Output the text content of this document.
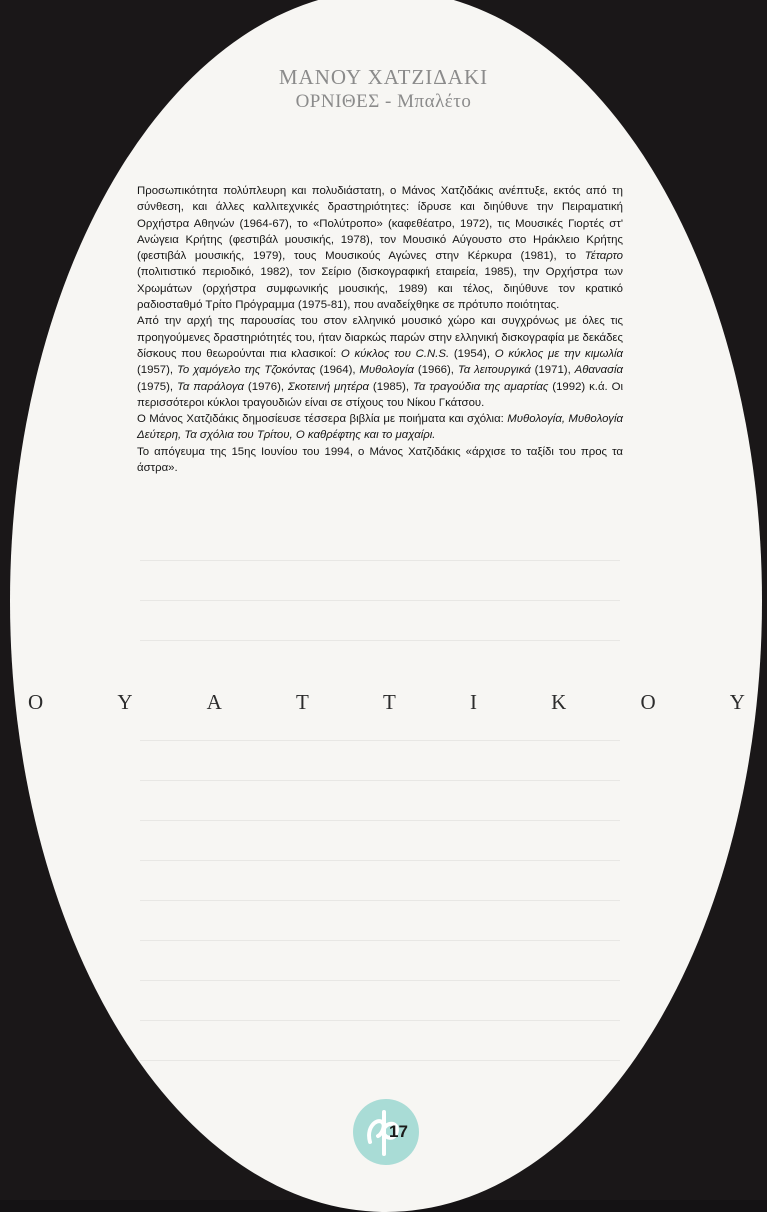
ΜΑΝΟΥ ΧΑΤΖΙΔΑΚΙ
ΟΡΝΙΘΕΣ - Μπαλέτο

Προσωπικότητα πολύπλευρη και πολυδιάστατη, ο Μάνος Χατζιδάκις ανέπτυξε, εκτός από τη σύνθεση, και άλλες καλλιτεχνικές δραστηριότητες: ίδρυσε και διηύθυνε την Πειραματική Ορχήστρα Αθηνών (1964-67), το «Πολύτροπο» (καφεθέατρο, 1972), τις Μουσικές Γιορτές στ' Ανώγεια Κρήτης (φεστιβάλ μουσικής, 1978), τον Μουσικό Αύγουστο στο Ηράκλειο Κρήτης (φεστιβάλ μουσικής, 1979), τους Μουσικούς Αγώνες στην Κέρκυρα (1981), το Τέταρτο (πολιτιστικό περιοδικό, 1982), τον Σείριο (δισκογραφική εταιρεία, 1985), την Ορχήστρα των Χρωμάτων (ορχήστρα συμφωνικής μουσικής, 1989) και τέλος, διηύθυνε τον κρατικό ραδιοσταθμό Τρίτο Πρόγραμμα (1975-81), που αναδείχθηκε σε πρότυπο ποιότητας.

Από την αρχή της παρουσίας του στον ελληνικό μουσικό χώρο και συγχρόνως με όλες τις προηγούμενες δραστηριότητές του, ήταν διαρκώς παρών στην ελληνική δισκογραφία με δεκάδες δίσκους που θεωρούνται πια κλασικοί: Ο κύκλος του C.N.S. (1954), Ο κύκλος με την κιμωλία (1957), Το χαμόγελο της Τζοκόντας (1964), Μυθολογία (1966), Τα λειτουργικά (1971), Αθανασία (1975), Τα παράλογα (1976), Σκοτεινή μητέρα (1985), Τα τραγούδια της αμαρτίας (1992) κ.ά. Οι περισσότεροι κύκλοι τραγουδιών είναι σε στίχους του Νίκου Γκάτσου.

Ο Μάνος Χατζιδάκις δημοσίευσε τέσσερα βιβλία με ποιήματα και σχόλια: Μυθολογία, Μυθολογία Δεύτερη, Τα σχόλια του Τρίτου, Ο καθρέφτης και το μαχαίρι.

Το απόγευμα της 15ης Ιουνίου του 1994, ο Μάνος Χατζιδάκις «άρχισε το ταξίδι του προς τα άστρα».

Ο	Υ	Α	Τ	Τ	Ι	Κ	Ο	Υ
17
